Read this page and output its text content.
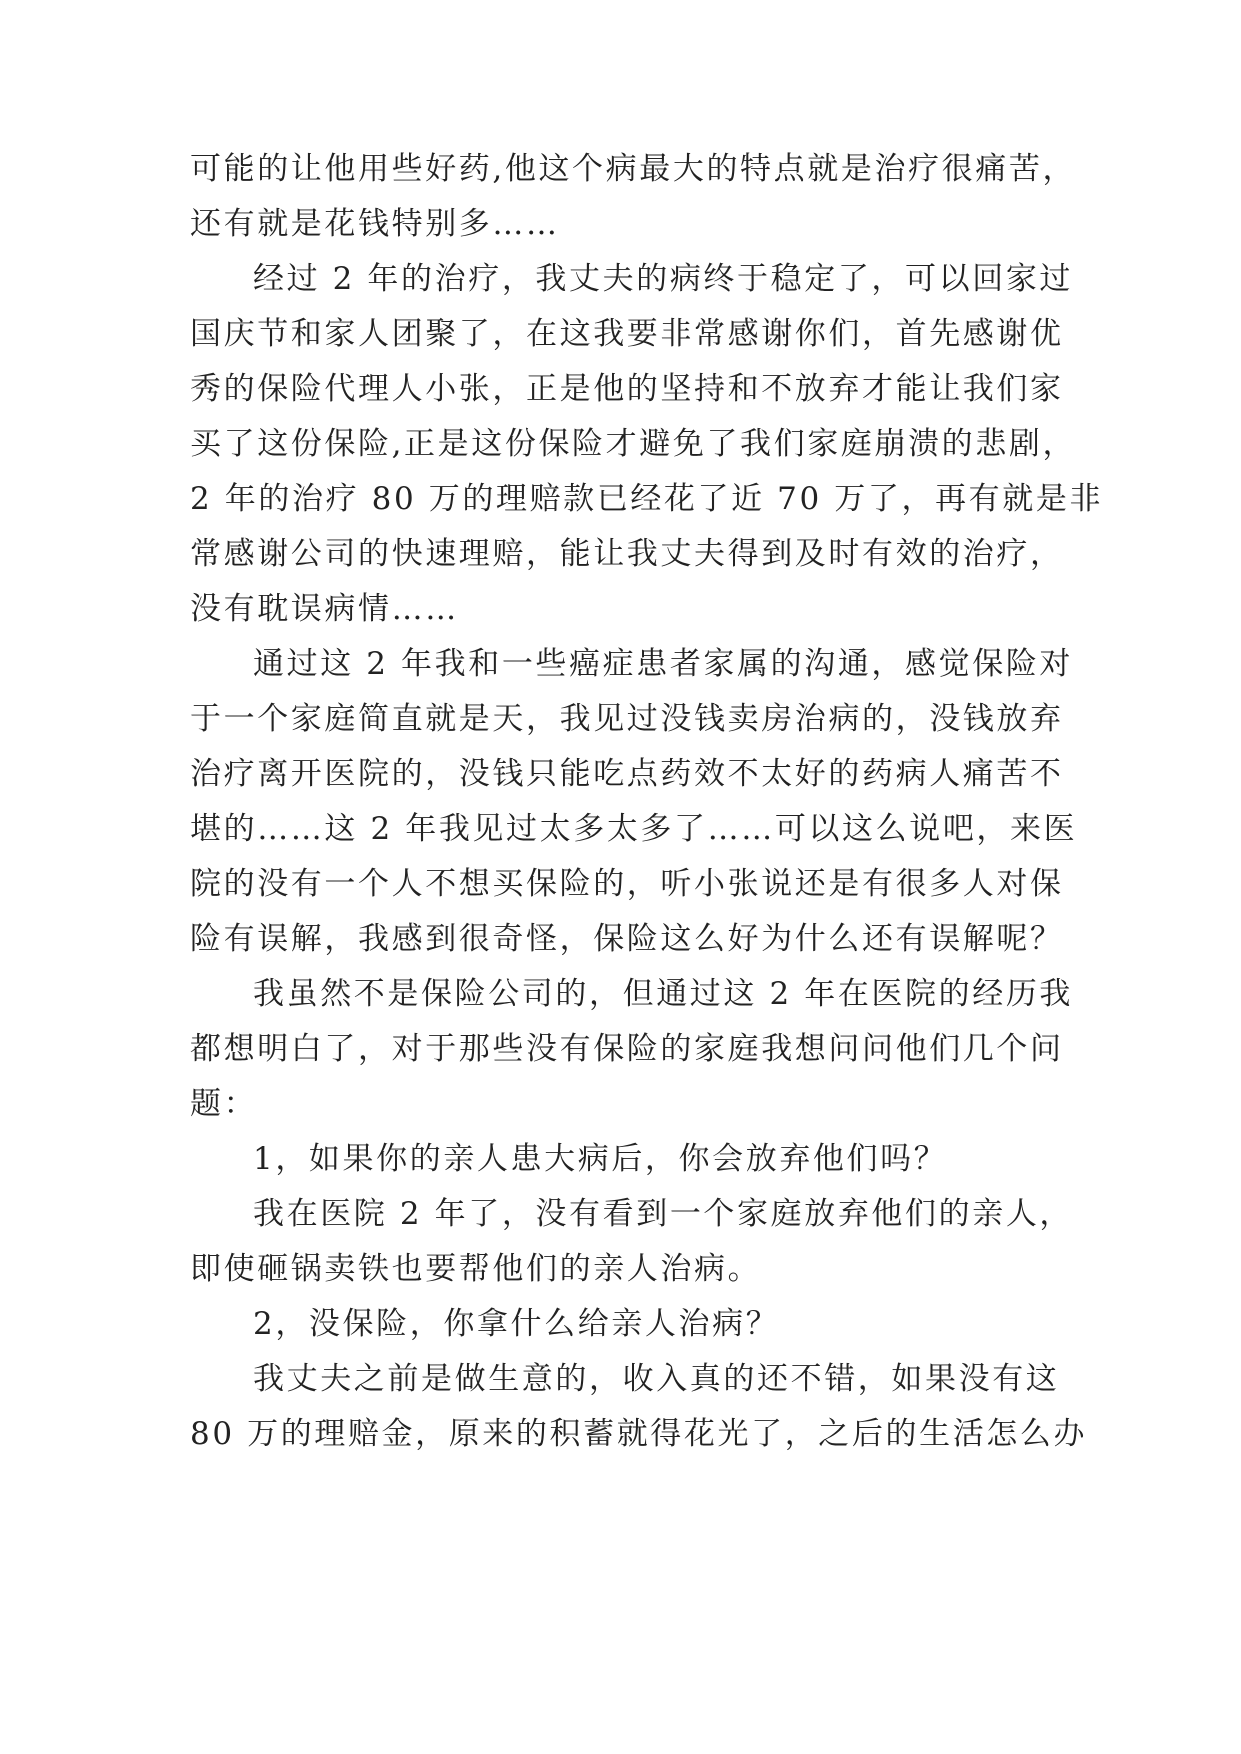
可能的让他用些好药,他这个病最大的特点就是治疗很痛苦，

还有就是花钱特别多……

经过 2 年的治疗，我丈夫的病终于稳定了，可以回家过

国庆节和家人团聚了，在这我要非常感谢你们，首先感谢优

秀的保险代理人小张，正是他的坚持和不放弃才能让我们家

买了这份保险,正是这份保险才避免了我们家庭崩溃的悲剧，

2 年的治疗 80 万的理赔款已经花了近 70 万了，再有就是非

常感谢公司的快速理赔，能让我丈夫得到及时有效的治疗，

没有耽误病情……

通过这 2 年我和一些癌症患者家属的沟通，感觉保险对

于一个家庭简直就是天，我见过没钱卖房治病的，没钱放弃

治疗离开医院的，没钱只能吃点药效不太好的药病人痛苦不

堪的……这 2 年我见过太多太多了……可以这么说吧，来医

院的没有一个人不想买保险的，听小张说还是有很多人对保

险有误解，我感到很奇怪，保险这么好为什么还有误解呢？

我虽然不是保险公司的，但通过这 2 年在医院的经历我

都想明白了，对于那些没有保险的家庭我想问问他们几个问

题：

1，如果你的亲人患大病后，你会放弃他们吗？

我在医院 2 年了，没有看到一个家庭放弃他们的亲人，

即使砸锅卖铁也要帮他们的亲人治病。

2，没保险，你拿什么给亲人治病？

我丈夫之前是做生意的，收入真的还不错，如果没有这

80 万的理赔金，原来的积蓄就得花光了，之后的生活怎么办
